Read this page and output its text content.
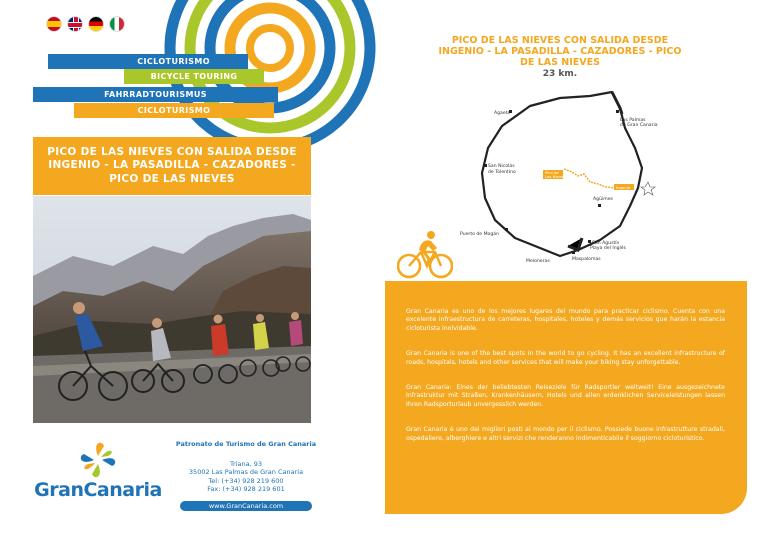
CICLOTURISMO
BICYCLE TOURING
FAHRRADTOURISMUS
CICLOTURISMO
PICO DE LAS NIEVES CON SALIDA DESDE INGENIO - LA PASADILLA - CAZADORES - PICO DE LAS NIEVES
GranCanaria
Patronato de Turismo de Gran Canaria
Triana, 93
35002 Las Palmas de Gran Canaria
Tel: (+34) 928 219 600
Fax: (+34) 928 219 601
www.GranCanaria.com
PICO DE LAS NIEVES CON SALIDA DESDE INGENIO - LA PASADILLA - CAZADORES - PICO DE LAS NIEVES
23 km.
Pico de
Las Nieves
Ingenio
Agaete
Las Palmas
de Gran Canaria
San Nicolás
de Tolentino
Agüimes
Puerto de Mogán
San Agustín
Playa del Inglés
Maspalomas
Meloneras

Gran Canaria es uno de los mejores lugares del mundo para practicar ciclismo. Cuenta con una excelente infraestructura de carreteras, hospitales, hoteles y demás servicios que harán la estancia cicloturista inolvidable.

Gran Canaria is one of the best spots in the world to go cycling. It has an excellent infrastructure of roads, hospitals, hotels and other services that will make your biking stay unforgettable.

Gran Canaria: Eines der beliebtesten Reiseziele für Radsportler weltweit! Eine ausgezeichnete Infrastruktur mit Straßen, Krankenhäusern, Hotels und allen erdenklichen Serviceleistungen lassen Ihren Radsporturlaub unvergesslich werden.

Gran Canaria è uno dei migliori posti al mondo per il ciclismo. Possiede buone infrastrutture stradali, ospedaliere, alberghiere e altri servizi che renderanno indimenticabile il soggiorno cicloturistico.
